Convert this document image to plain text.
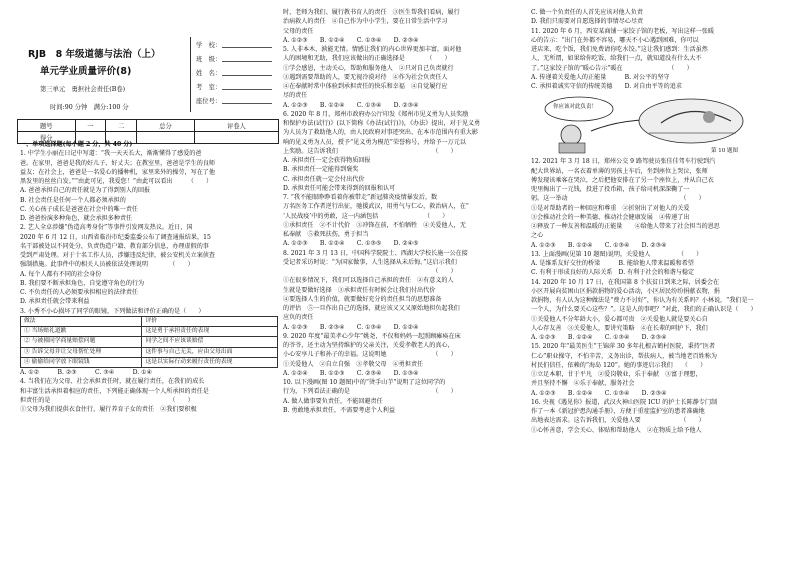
RJB　8 年级道德与法治（上）
单元学业质量评价(8)
第三单元　勇担社会责任(B卷)
时间:90 分钟　满分:100 分
学　校：
班　级：
姓　名：
考　室：
座位号：
题号	一	二	总分	评卷人
得分				
一、单项选择题(每小题 2 分，共 40 分)
1. 中学生小丽在日记中写道：“我一天天长大，渐渐懂得了感爱的爸
爸。在家里，爸爸是我的好儿子、好丈夫；在教室里，爸爸是学生的良师
益友；在社会上，爸爸是一名爱心的播种机，家里来外的操劳，写在了他
黑发里的丝丝白发。”“由此可见，我爱您！”由此可以看出　　　（　　）
A. 爸爸承担自己的责任就是为了得到别人的回报
B. 社会责任是任何一个人都必须承担的
C. 关心孩子成长是爸爸在社会中的唯一责任
D. 爸爸扮演多种角色，就会承担多种责任
2. 艺人全卓涉嫌“伪造高考身份”等事件引发网友热议。近日，国
2020 年 6 月 12 日，山西省临汾市纪委监委公布了调查通报结果，15
名干部被处以不同处分，负责伪造户籍、教育部分信息，办理虚假的事
受到严肃处理。对于十名工作人员，涉嫌违反纪律，被公安机关立案侦查
强制措施。此事件中的相关人员被依法处理说明　　　　（　　）
A. 每个人都有不同的社会身份
B. 我们要不断承担角色，自觉遵守角色的行为
C. 不负责任的人必须要承担相应的法律责任
D. 承担责任就会带来利益
3. 小秀不小心损坏了同学的眼镜，下列做法和评价正确的是（　　）
做法	评价
① 当场赔礼道歉	这是勇于承担责任的表现
② 与被撞同学商量赔偿问题	同学之间不应该谈赔偿
③ 告诉父母并让父母帮忙处理	这件事与自己无关，应由父母出面
④ 偷偷给同学放下眼镜钱	这是以实际行动来履行责任的表现
A. ①②　　　B. ②③　　　C. ③④　　　D. ①④
4. 当我们在为父母、社会承担责任时，就在履行责任，在我们的成长
和丰富生活承担着相应的责任，下列能正确体现一个人所承担的责任是
担责任的是　　　　　　　　　　　　　　　　　　　　（　　）
①父母为我们提供衣食住行，履行养育子女的责任　②我们要积极
时，老师为我们、履行教书育人的责任　③医生帮我们看病，履行
治病救人的责任　④自己作为中小学生，要在日常生活中学习
父母的责任
A. ①②③　　B. ①②④　　C. ①③④　　D. ②③④
5. 人非本木，孰能无情。情感让我们的内心世界更加丰富，面对他
人的困境和无助，我们应该做出的正确选择是　　　　（　　）
①学会感恩，主动关心，帮助和服务他人　②只对自己负责就行
③遇到需要帮助的人，要无视冷漠对待　④作为社会负责任人
④在奉献时常中体验到承担责任的快乐和幸福　④自觉履行应
尽的责任
A. ①②③　　B. ①②④　　C. ①③④　　D. ②③④
6. 2020 年 8 月，郑州市政府办公厅印发《郑州市见义勇为人员奖励
和保护办法(试行)》(以下简称《办法(试行)》)，《办法》提出，对于见义勇
为人员为了救助他人的，由人民政府对事迹突出、在本市范围内有重大影
响的见义勇为人员，授予“见义勇为模范”荣誉称号，并给予一万元以
上奖励。这告诉我们　　　　　　　　　　　　　　　　（　　）
A. 承担责任一定会获得物质回报
B. 承担责任一定能得到褒奖
C. 承担责任就一定会付出代价
D. 承担责任可能会带来得到的回报和认可
7. “我不能眼睁睁看着你被带走”新冠肺炎疫情暴发后，数
万名医务工作者逆行出征，驰援武汉，用勇气与仁心，救治病人，在“
‘人民战疫’中的勇敢，这一内涵包括　　　　　　　　（　　）
①承担责任　②不计代价　③冲锋在前，不怕牺牲　④关爱他人，无
私奉献　⑤救死扶伤，勇于担当
A. ①②③　　B. ①②④　　C. ①③⑤　　D. ②④⑤
8. 2021 年 3 月 13 日，中国科学院院士、西湖大学校长施一公在接
受记者采访时说：“为国家做事，人生选择从未后悔。”这启示我们
　　　　　　　　　　　　　　　　　　　　　　　　　（　　）
①在很多情况下，我们可以选择自己承担的责任　②有意义的人
生就是要做好选择　③承担责任有时候会让我们付出代价
④要选择人生的价值，就要做好充分的责任担当的思想准备
的评估　⑤一旦作出自己的选择，就应该又又又原始地担负起我们
应负的责任
A. ①②③　　B. ②③④　　C. ①③④　　D. ①②④
9. 2020 年度“最美孝心少年”姚尧，不仅和妈妈一起照顾瘫痪在床
的爷爷，还主动为坚持维护的父亲关注，关爱孝敬老人的真心，
小心安享儿子和孙子的幸福。这说明她　　　　　　　　（　　）
①关爱他人　②自立自强　③孝敬父母　④勇担责任
A. ①②④　　B. ①②③　　C. ②③④　　D. ①③④
10. 以下漫画(图 10 题图)中的“烫手山芋”说明了这位同学的
行为，下列看法正确的是　　　　　　　　　　　　　　（　　）
A. 做人做事要负责任，不能回避责任
B. 勇敢地承担责任，不需要考虑个人利益
C. 做一个负责任的人首先应该对他人负责
D. 我们只需要对自愿选择的事情尽心尽责
11. 2020 年 6 月，西安某商铺一家饺子馆的老板，写出这样一张暖
心的告示：“出门在外都不容易，哪天不小心遇到困难，你可以
进店来，吃个饭，我们免费请你吃水饺。”这让我们感到：生活虽然
人，无所谓，如果给你吃饭，给我们一点，就知道没有什么大不
了。”这家饺子馆的“暖心告示”暖在　　　　　　　　（　　）
A. 传递着关爱他人的正能量　　　B. 对公平的坚守
C. 承担着诚实守信的传统美德　　D. 对自由平等的追求
你应该对此负责！
第 10 题图
12. 2021 年 3 月 18 日，郑州公交 9 路驾驶员张佳佳驾车行驶到汽
配大世界站，一名衣着单薄的男孩上车后，坐到座位上哭泣，张师
傅发现该乘客在哭泣，之后把他安排在了另一个座位上，并从自己衣
兜里掏出了一元钱，投进了投币箱，孩子给司机深深鞠了一
躬。这一举动　　　　　　　　　　　　　　　　　　　（　　）
①是对帮助者的一种回应和尊重　②折射出了对他人的关爱
③会推动社会的一种美德、推动社会健康发展　④传递了出
②释放了一种友善和温暖的正能量　　④给他人带来了社会担当的恩思
之心
A. ①②③　　B. ①②④　　C. ①③④　　D. ②③④
13. 上面漫画(见第 10 题图)说明，关爱他人　　　　　（　　）
A. 是维系友好交往的桥梁　　　B. 能给他人带来温暖和希望
C. 有利于形成良好的人际关系　D. 有利于社会的和谐与稳定
14. 2020 年 10 月 17 日，在我国第 8 个扶贫日到来之际，居委会在
小区开展向贫困山区捐款捐物的爱心活动，小区居民纷纷捐献衣物，捐
款捐物，有人认为这种做法是“费力不讨好”，你认为有关系吗？小林说，“我们是一
一个人，为什么要关心这些？”。这是人的事吧？”对此，我们的正确认识是（　　）
①关爱他人不分年龄大小，爱心都可贵　②关爱他人就是要关心自
人心存友善　③关爱他人，要讲究策略　④在长辈的呵护下，我们
A. ①②③　　B. ①②④　　C. ①③④　　D. ②③④
15. 2020 年“最美医生”王锦萍 30 多年扎根吉鹤村医院，秉持“医者
仁心”职业操守，不怕辛苦，义务出诊，帮扶病人，被当地老百姓称为
村民们信任，依赖的“海岛 120”。她的事迹启示我们　　（　　）
①立足本职，甘于平凡　②爱岗敬业，乐于奉献　③富于理想，
并且坚持不懈　④乐于奉献，服务社会
A. ①②③　　B. ①②④　　C. ①③④　　D. ②③④
16. 央视《遇见你》报道，武汉火神山医院 ICU 的护士长陈静专门制
作了一本《新冠护患沟通手册》，方便于重症监护室的患者准确地
出地表达需求。这告诉我们，关爱他人要　　　　　　　（　　）
①心怀善意，学会关心、体贴和帮助他人　②在物质上给予他人
